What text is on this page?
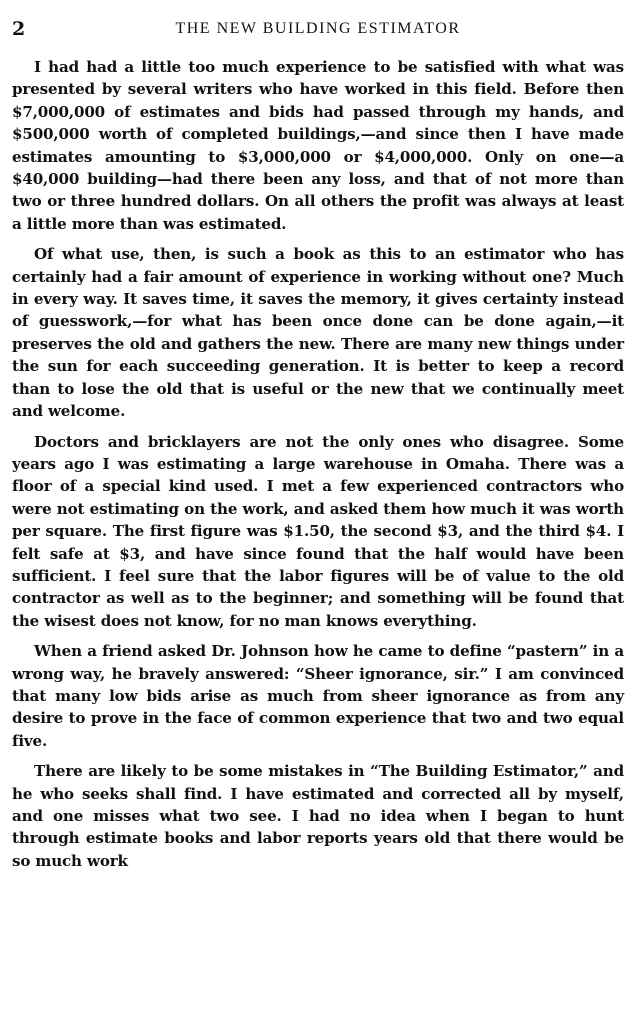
2	THE NEW BUILDING ESTIMATOR

I had had a little too much experience to be satisfied with what was presented by several writers who have worked in this field. Before then $7,000,000 of estimates and bids had passed through my hands, and $500,000 worth of completed buildings,—and since then I have made estimates amounting to $3,000,000 or $4,000,000. Only on one—a $40,000 building—had there been any loss, and that of not more than two or three hundred dollars. On all others the profit was always at least a little more than was estimated.

Of what use, then, is such a book as this to an estimator who has certainly had a fair amount of experience in working without one? Much in every way. It saves time, it saves the memory, it gives certainty instead of guesswork,—for what has been once done can be done again,—it preserves the old and gathers the new. There are many new things under the sun for each succeeding generation. It is better to keep a record than to lose the old that is useful or the new that we continually meet and welcome.

Doctors and bricklayers are not the only ones who disagree. Some years ago I was estimating a large warehouse in Omaha. There was a floor of a special kind used. I met a few experienced contractors who were not estimating on the work, and asked them how much it was worth per square. The first figure was $1.50, the second $3, and the third $4. I felt safe at $3, and have since found that the half would have been sufficient. I feel sure that the labor figures will be of value to the old contractor as well as to the beginner; and something will be found that the wisest does not know, for no man knows everything.

When a friend asked Dr. Johnson how he came to define “pastern” in a wrong way, he bravely answered: “Sheer ignorance, sir.” I am convinced that many low bids arise as much from sheer ignorance as from any desire to prove in the face of common experience that two and two equal five.

There are likely to be some mistakes in “The Building Estimator,” and he who seeks shall find. I have estimated and corrected all by myself, and one misses what two see. I had no idea when I began to hunt through estimate books and labor reports years old that there would be so much work
